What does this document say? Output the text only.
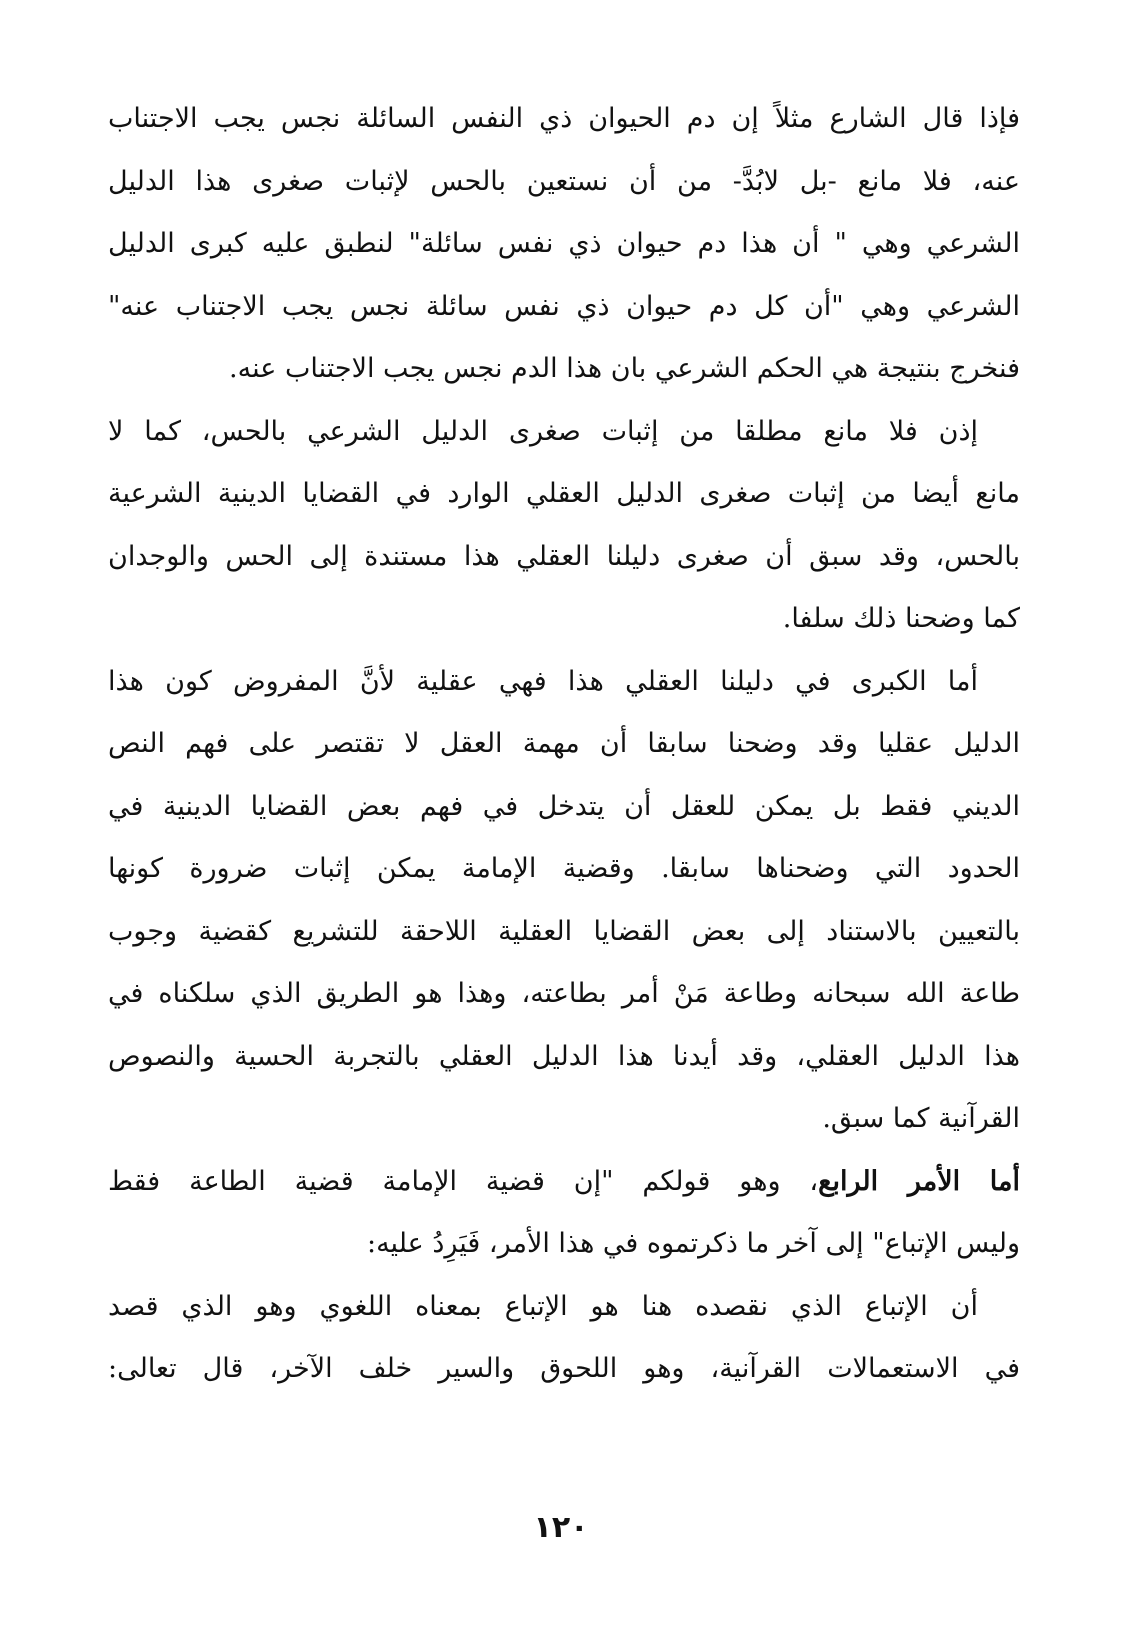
فإذا قال الشارع مثلاً إن دم الحيوان ذي النفس السائلة نجس يجب الاجتناب
عنه، فلا مانع -بل لابُدَّ- من أن نستعين بالحس لإثبات صغرى هذا الدليل
الشرعي وهي " أن هذا دم حيوان ذي نفس سائلة" لنطبق عليه كبرى الدليل
الشرعي وهي "أن كل دم حيوان ذي نفس سائلة نجس يجب الاجتناب عنه"
فنخرج بنتيجة هي الحكم الشرعي بان هذا الدم نجس يجب الاجتناب عنه.
إذن فلا مانع مطلقا من إثبات صغرى الدليل الشرعي بالحس، كما لا
مانع أيضا من إثبات صغرى الدليل العقلي الوارد في القضايا الدينية الشرعية
بالحس، وقد سبق أن صغرى دليلنا العقلي هذا مستندة إلى الحس والوجدان
كما وضحنا ذلك سلفا.
أما الكبرى في دليلنا العقلي هذا فهي عقلية لأنَّ المفروض كون هذا
الدليل عقليا وقد وضحنا سابقا أن مهمة العقل لا تقتصر على فهم النص
الديني فقط بل يمكن للعقل أن يتدخل في فهم بعض القضايا الدينية في
الحدود التي وضحناها سابقا. وقضية الإمامة يمكن إثبات ضرورة كونها
بالتعيين بالاستناد إلى بعض القضايا العقلية اللاحقة للتشريع كقضية وجوب
طاعة الله سبحانه وطاعة مَنْ أمر بطاعته، وهذا هو الطريق الذي سلكناه في
هذا الدليل العقلي، وقد أيدنا هذا الدليل العقلي بالتجربة الحسية والنصوص
القرآنية كما سبق.
أما الأمر الرابع، وهو قولكم "إن قضية الإمامة قضية الطاعة فقط
وليس الإتباع" إلى آخر ما ذكرتموه في هذا الأمر، فَيَرِدُ عليه:
أن الإتباع الذي نقصده هنا هو الإتباع بمعناه اللغوي وهو الذي قصد
في الاستعمالات القرآنية، وهو اللحوق والسير خلف الآخر، قال تعالى:
١٢٠
